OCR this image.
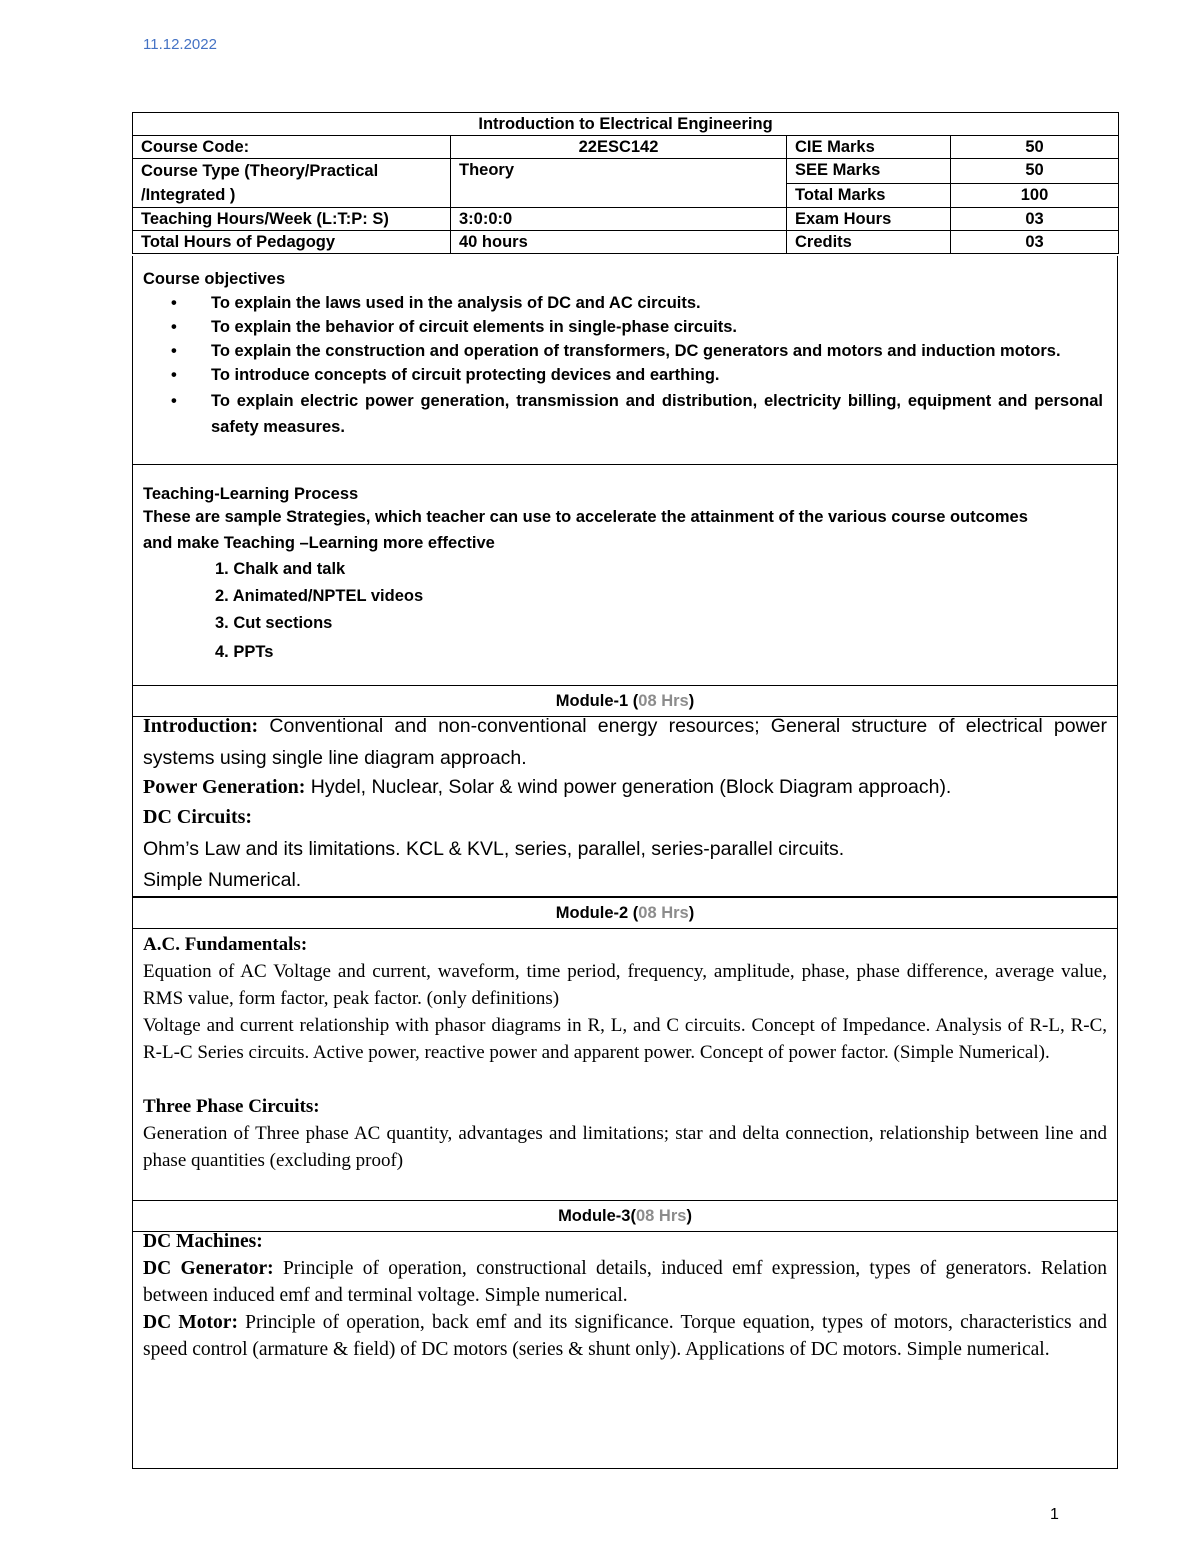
11.12.2022
Introduction to Electrical Engineering			
Course Code:	22ESC142	CIE Marks	50
Course Type (Theory/Practical /Integrated )	Theory	SEE Marks	50
		Total Marks	100
Teaching Hours/Week (L:T:P: S)	3:0:0:0	Exam Hours	03
Total Hours of Pedagogy	40 hours	Credits	03
Course objectives
• To explain the laws used in the analysis of DC and AC circuits.
• To explain the behavior of circuit elements in single-phase circuits.
• To explain the construction and operation of transformers, DC generators and motors and induction motors.
• To introduce concepts of circuit protecting devices and earthing.
• To explain electric power generation, transmission and distribution, electricity billing, equipment and personal safety measures.
Teaching-Learning Process
These are sample Strategies, which teacher can use to accelerate the attainment of the various course outcomes
and make Teaching –Learning more effective
1. Chalk and talk
2. Animated/NPTEL videos
3. Cut sections
4. PPTs
Module-1 (08 Hrs)

Introduction: Conventional and non-conventional energy resources; General structure of electrical power systems using single line diagram approach.

Power Generation: Hydel, Nuclear, Solar & wind power generation (Block Diagram approach).

DC Circuits:

Ohm’s Law and its limitations. KCL & KVL, series, parallel, series-parallel circuits.

Simple Numerical.

Module-2 (08 Hrs)

A.C. Fundamentals:

Equation of AC Voltage and current, waveform, time period, frequency, amplitude, phase, phase difference, average value, RMS value, form factor, peak factor. (only definitions)

Voltage and current relationship with phasor diagrams in R, L, and C circuits. Concept of Impedance. Analysis of R-L, R-C, R-L-C Series circuits. Active power, reactive power and apparent power. Concept of power factor. (Simple Numerical).

Three Phase Circuits:

Generation of Three phase AC quantity, advantages and limitations; star and delta connection, relationship between line and phase quantities (excluding proof)

Module-3(08 Hrs)

DC Machines:

DC Generator: Principle of operation, constructional details, induced emf expression, types of generators. Relation between induced emf and terminal voltage. Simple numerical.

DC Motor: Principle of operation, back emf and its significance. Torque equation, types of motors, characteristics and speed control (armature & field) of DC motors (series & shunt only). Applications of DC motors. Simple numerical.

1
